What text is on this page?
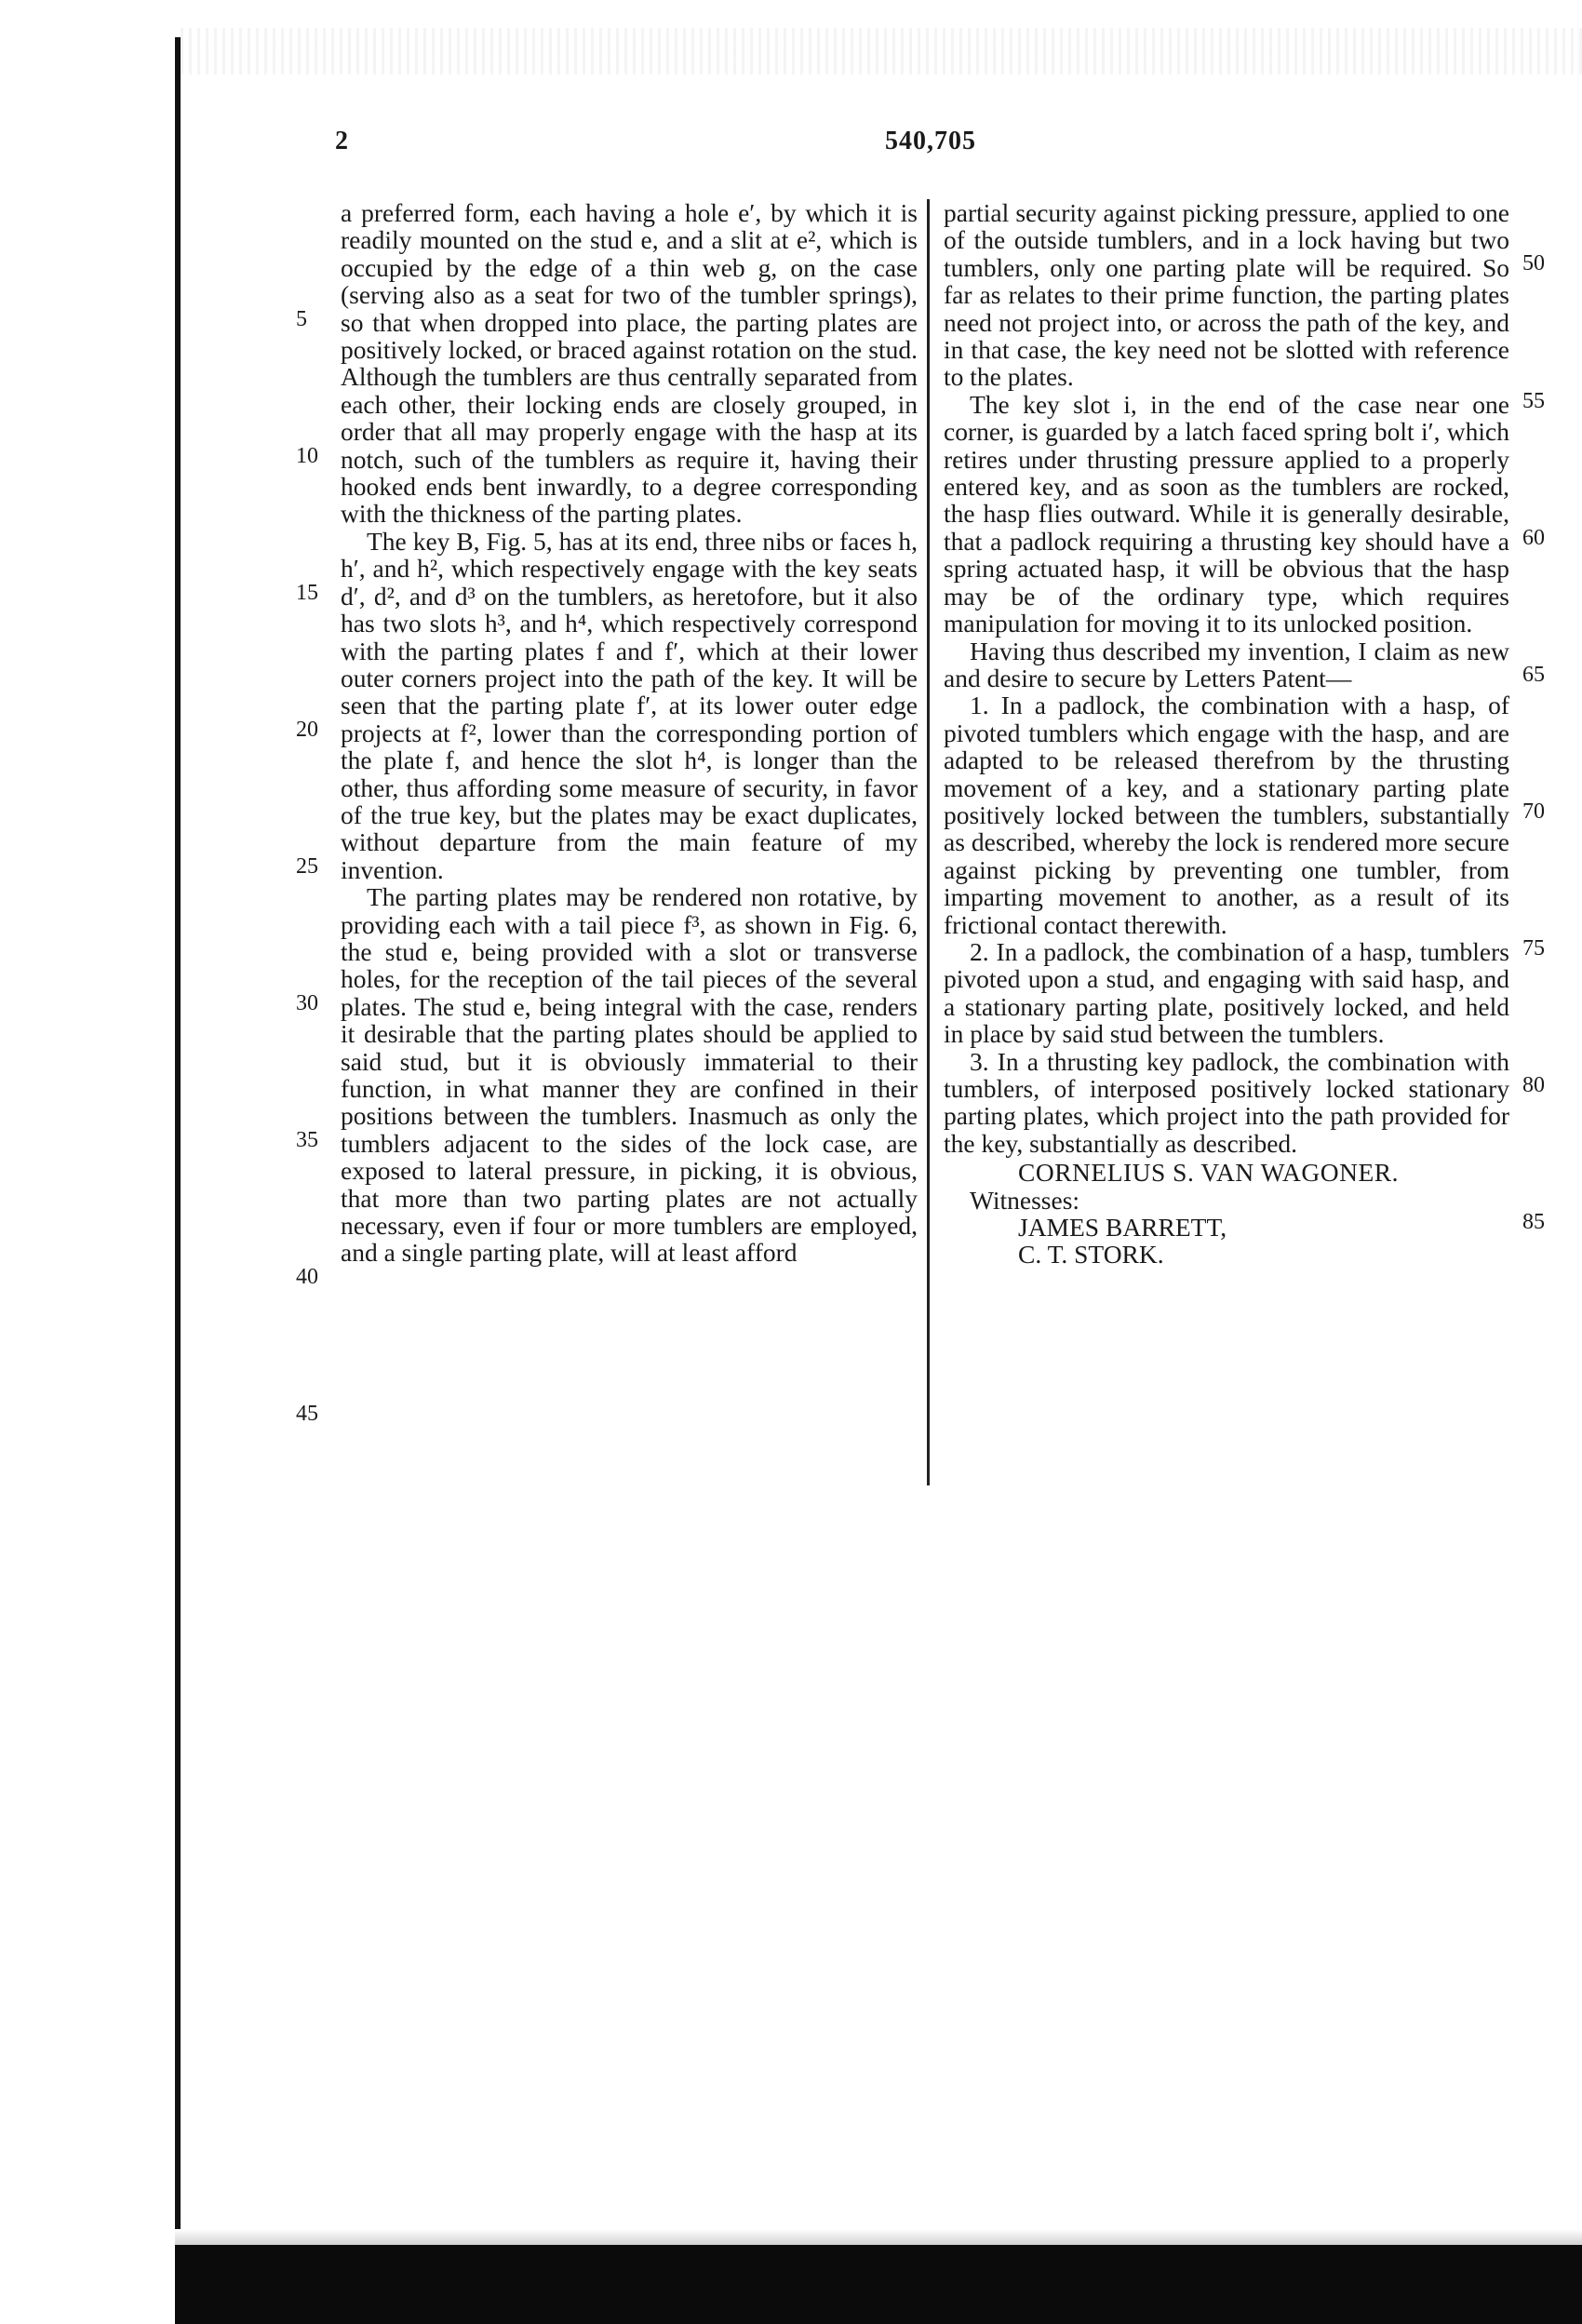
2	540,705

a preferred form, each having a hole e′, by which it is readily mounted on the stud e, and a slit at e², which is occupied by the edge of a thin web g, on the case (serving also as a seat for two of the tumbler springs), so that when dropped into place, the parting plates are positively locked, or braced against rotation on the stud. Although the tumblers are thus centrally separated from each other, their locking ends are closely grouped, in order that all may properly engage with the hasp at its notch, such of the tumblers as require it, having their hooked ends bent inwardly, to a degree corresponding with the thickness of the parting plates.

The key B, Fig. 5, has at its end, three nibs or faces h, h′, and h², which respectively engage with the key seats d′, d², and d³ on the tumblers, as heretofore, but it also has two slots h³, and h⁴, which respectively correspond with the parting plates f and f′, which at their lower outer corners project into the path of the key. It will be seen that the parting plate f′, at its lower outer edge projects at f², lower than the corresponding portion of the plate f, and hence the slot h⁴, is longer than the other, thus affording some measure of security, in favor of the true key, but the plates may be exact duplicates, without departure from the main feature of my invention.

The parting plates may be rendered non rotative, by providing each with a tail piece f³, as shown in Fig. 6, the stud e, being provided with a slot or transverse holes, for the reception of the tail pieces of the several plates. The stud e, being integral with the case, renders it desirable that the parting plates should be applied to said stud, but it is obviously immaterial to their function, in what manner they are confined in their positions between the tumblers. Inasmuch as only the tumblers adjacent to the sides of the lock case, are exposed to lateral pressure, in picking, it is obvious, that more than two parting plates are not actually necessary, even if four or more tumblers are employed, and a single parting plate, will at least afford

partial security against picking pressure, applied to one of the outside tumblers, and in a lock having but two tumblers, only one parting plate will be required. So far as relates to their prime function, the parting plates need not project into, or across the path of the key, and in that case, the key need not be slotted with reference to the plates.

The key slot i, in the end of the case near one corner, is guarded by a latch faced spring bolt i′, which retires under thrusting pressure applied to a properly entered key, and as soon as the tumblers are rocked, the hasp flies outward. While it is generally desirable, that a padlock requiring a thrusting key should have a spring actuated hasp, it will be obvious that the hasp may be of the ordinary type, which requires manipulation for moving it to its unlocked position.

Having thus described my invention, I claim as new and desire to secure by Letters Patent—

1. In a padlock, the combination with a hasp, of pivoted tumblers which engage with the hasp, and are adapted to be released therefrom by the thrusting movement of a key, and a stationary parting plate positively locked between the tumblers, substantially as described, whereby the lock is rendered more secure against picking by preventing one tumbler, from imparting movement to another, as a result of its frictional contact therewith.

2. In a padlock, the combination of a hasp, tumblers pivoted upon a stud, and engaging with said hasp, and a stationary parting plate, positively locked, and held in place by said stud between the tumblers.

3. In a thrusting key padlock, the combination with tumblers, of interposed positively locked stationary parting plates, which project into the path provided for the key, substantially as described.

CORNELIUS S. VAN WAGONER.

Witnesses:

JAMES BARRETT,

C. T. STORK.

5
10
15
20
25
30
35
40
45
50
55
60
65
70
75
80
85
